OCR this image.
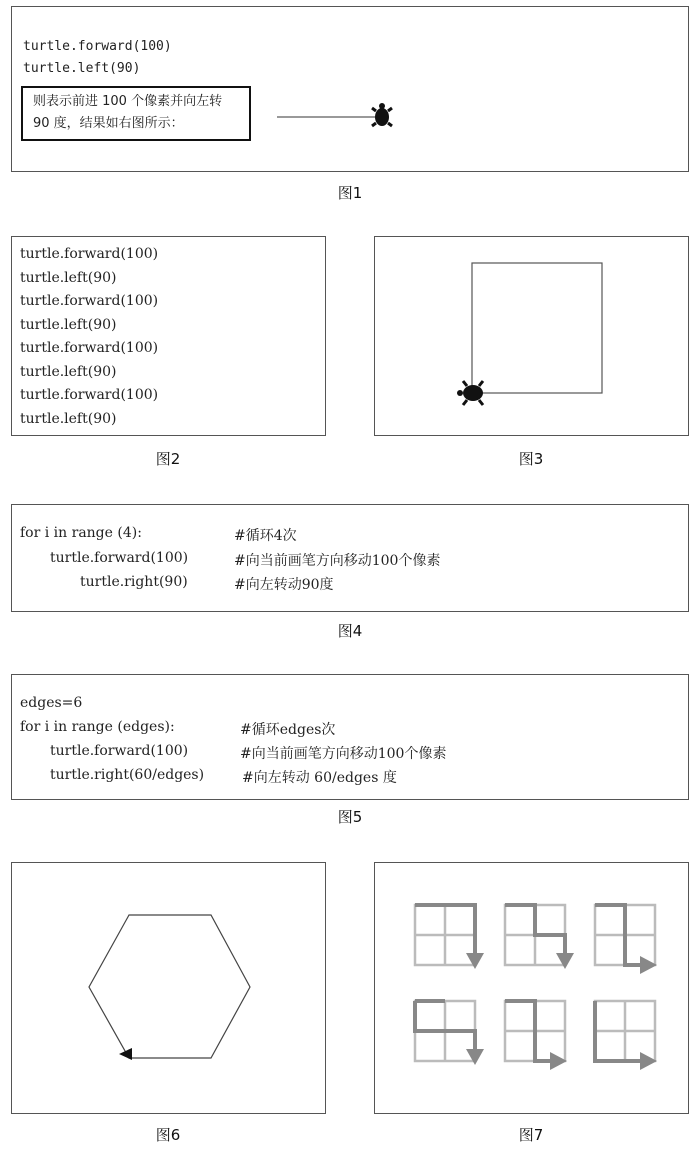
turtle.forward(100)
turtle.left(90)
则表示前进 100 个像素并向左转
90 度，结果如右图所示：
图1
turtle.forward(100)
turtle.left(90)
turtle.forward(100)
turtle.left(90)
turtle.forward(100)
turtle.left(90)
turtle.forward(100)
turtle.left(90)
图2	图3
for i in range (4):	#循环4次
turtle.forward(100)	#向当前画笔方向移动100个像素
turtle.right(90)	#向左转动90度
图4
edges=6
for i in range (edges):	#循环edges次
turtle.forward(100)	#向当前画笔方向移动100个像素
turtle.right(60/edges)	#向左转动 60/edges 度
图5
图6	图7
